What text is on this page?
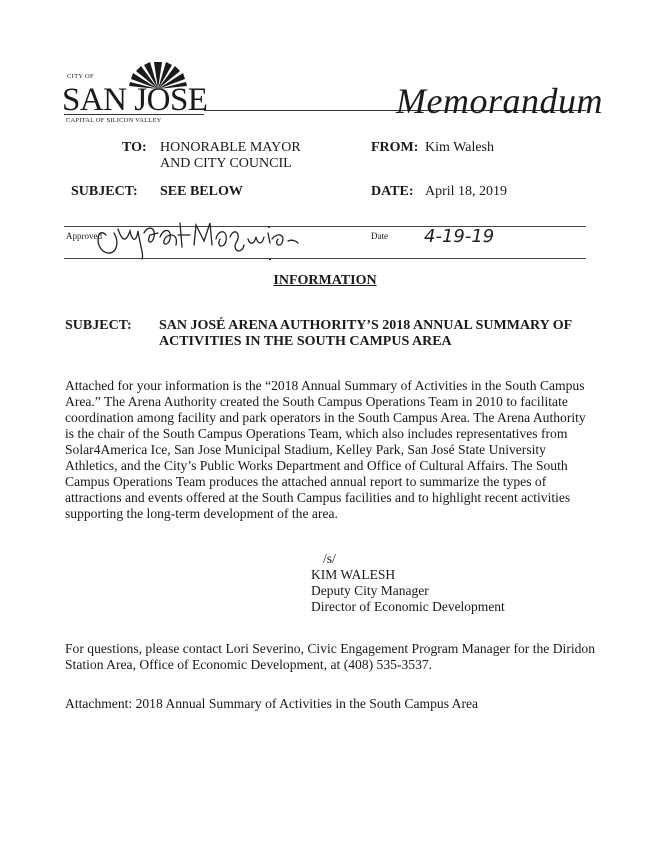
CITY OF
SAN JOSE
CAPITAL OF SILICON VALLEY	Memorandum
TO: HONORABLE MAYOR
AND CITY COUNCIL
FROM: Kim Walesh
SUBJECT: SEE BELOW	DATE: April 18, 2019
Approved	Date 4-19-19
INFORMATION
SUBJECT: SAN JOSÉ ARENA AUTHORITY’S 2018 ANNUAL SUMMARY OF
ACTIVITIES IN THE SOUTH CAMPUS AREA
Attached for your information is the “2018 Annual Summary of Activities in the South Campus
Area.” The Arena Authority created the South Campus Operations Team in 2010 to facilitate
coordination among facility and park operators in the South Campus Area. The Arena Authority
is the chair of the South Campus Operations Team, which also includes representatives from
Solar4America Ice, San Jose Municipal Stadium, Kelley Park, San José State University
Athletics, and the City’s Public Works Department and Office of Cultural Affairs. The South
Campus Operations Team produces the attached annual report to summarize the types of
attractions and events offered at the South Campus facilities and to highlight recent activities
supporting the long-term development of the area.
/s/
KIM WALESH
Deputy City Manager
Director of Economic Development
For questions, please contact Lori Severino, Civic Engagement Program Manager for the Diridon
Station Area, Office of Economic Development, at (408) 535-3537.
Attachment: 2018 Annual Summary of Activities in the South Campus Area
